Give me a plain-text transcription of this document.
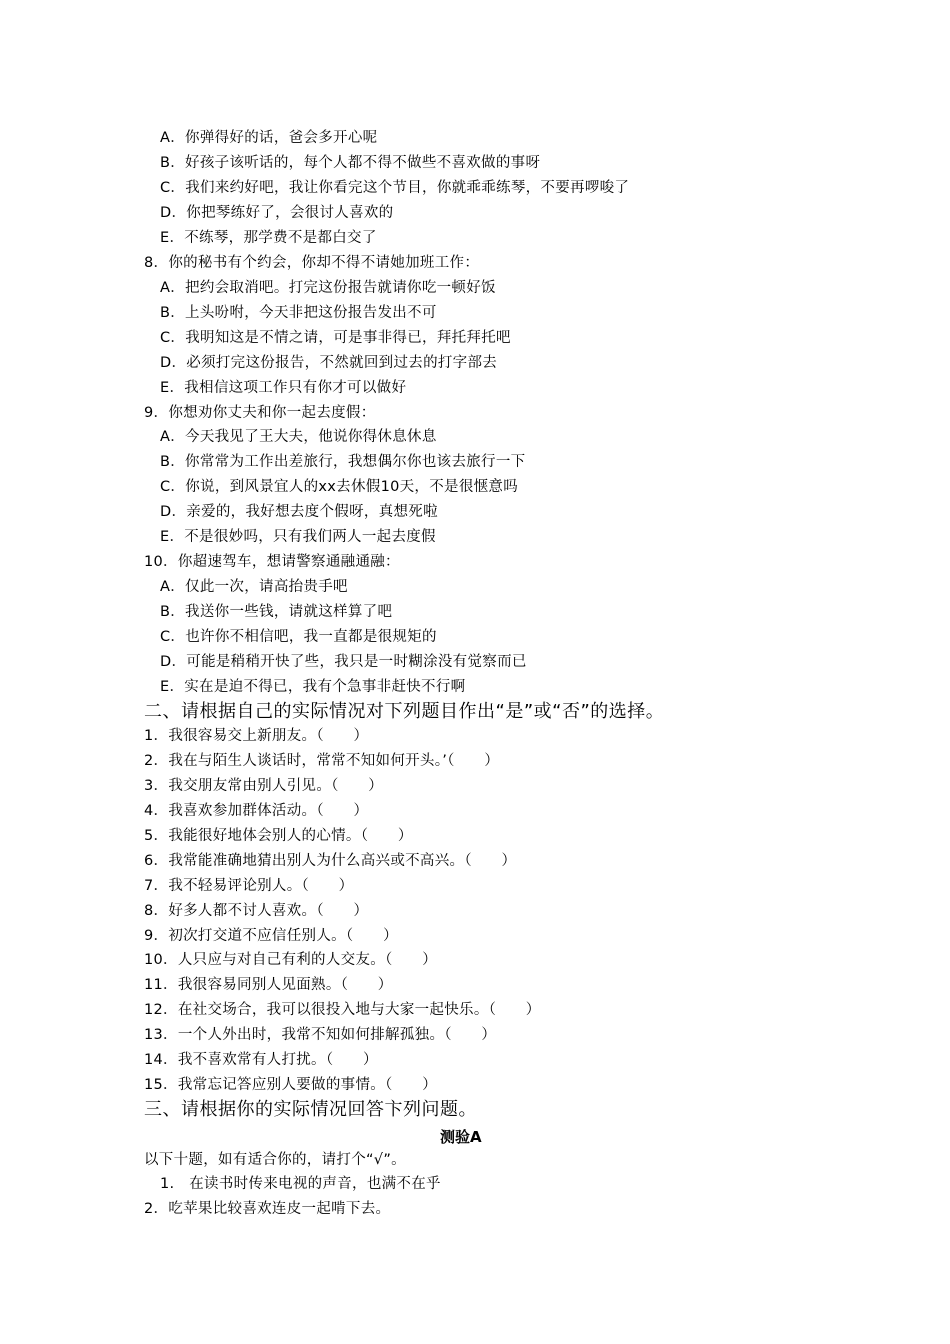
A．你弹得好的话，爸会多开心呢
B．好孩子该听话的，每个人都不得不做些不喜欢做的事呀
C．我们来约好吧，我让你看完这个节目，你就乖乖练琴，不要再啰唆了
D．你把琴练好了，会很讨人喜欢的
E．不练琴，那学费不是都白交了
8．你的秘书有个约会，你却不得不请她加班工作：
A．把约会取消吧。打完这份报告就请你吃一顿好饭
B．上头吩咐，今天非把这份报告发出不可
C．我明知这是不情之请，可是事非得已，拜托拜托吧
D．必须打完这份报告，不然就回到过去的打字部去
E．我相信这项工作只有你才可以做好
9．你想劝你丈夫和你一起去度假：
A．今天我见了王大夫，他说你得休息休息
B．你常常为工作出差旅行，我想偶尔你也该去旅行一下
C．你说，到风景宜人的xx去休假10天，不是很惬意吗
D．亲爱的，我好想去度个假呀，真想死啦
E．不是很妙吗，只有我们两人一起去度假
10．你超速驾车，想请警察通融通融：
A．仅此一次，请高抬贵手吧
B．我送你一些钱，请就这样算了吧
C．也许你不相信吧，我一直都是很规矩的
D．可能是稍稍开快了些，我只是一时糊涂没有觉察而已
E．实在是迫不得已，我有个急事非赶快不行啊
二、请根据自己的实际情况对下列题目作出“是”或“否”的选择。
1．我很容易交上新朋友。（　　）
2．我在与陌生人谈话时，常常不知如何开头。’（　　）
3．我交朋友常由别人引见。（　　）
4．我喜欢参加群体活动。（　　）
5．我能很好地体会别人的心情。（　　）
6．我常能准确地猜出别人为什么高兴或不高兴。（　　）
7．我不轻易评论别人。（　　）
8．好多人都不讨人喜欢。（　　）
9．初次打交道不应信任别人。（　　）
10．人只应与对自己有利的人交友。（　　）
11．我很容易同别人见面熟。（　　）
12．在社交场合，我可以很投入地与大家一起快乐。（　　）
13．一个人外出时，我常不知如何排解孤独。（　　）
14．我不喜欢常有人打扰。（　　）
15．我常忘记答应别人要做的事情。（　　）
三、请根据你的实际情况回答卞列问题。
测验A
以下十题，如有适合你的，请打个“√”。
1.　在读书时传来电视的声音，也满不在乎
2．吃苹果比较喜欢连皮一起啃下去。
